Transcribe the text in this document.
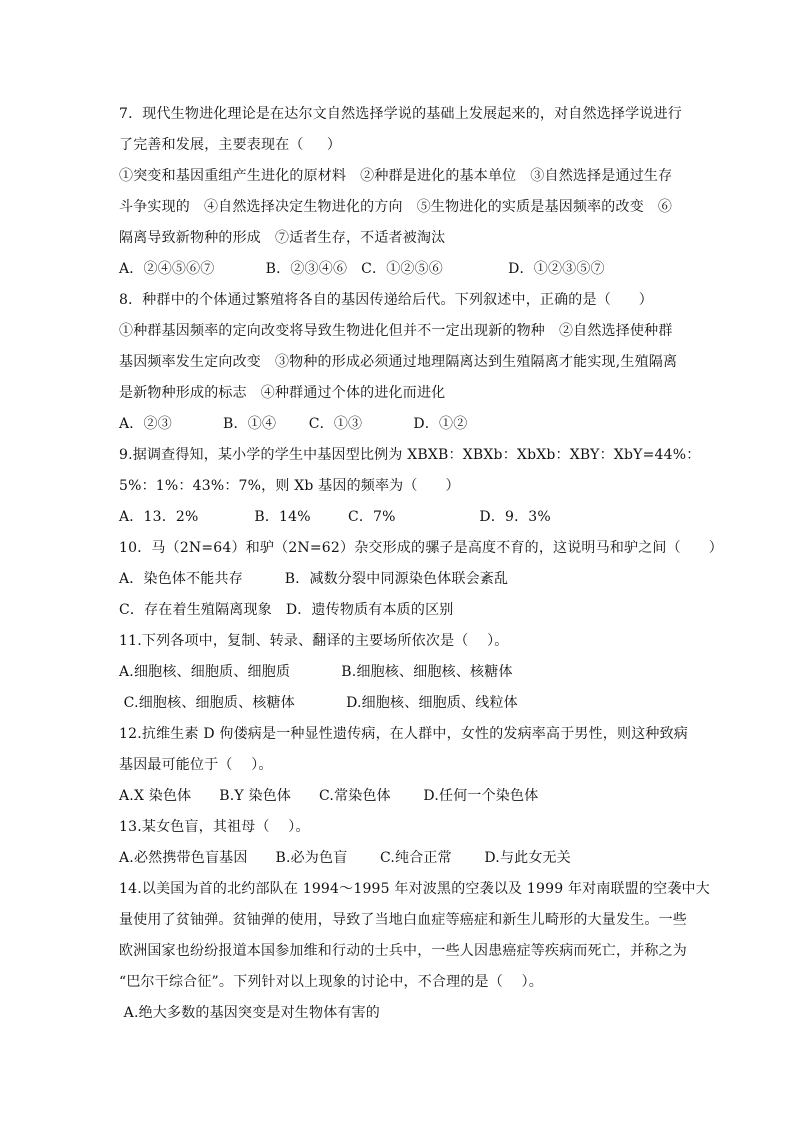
7．现代生物进化理论是在达尔文自然选择学说的基础上发展起来的，对自然选择学说进行
了完善和发展，主要表现在（     ）
①突变和基因重组产生进化的原材料   ②种群是进化的基本单位   ③自然选择是通过生存
斗争实现的   ④自然选择决定生物进化的方向   ⑤生物进化的实质是基因频率的改变   ⑥
隔离导致新物种的形成   ⑦适者生存，不适者被淘汰
A．②④⑤⑥⑦           B．②③④⑥   C．①②⑤⑥              D．①②③⑤⑦
8．种群中的个体通过繁殖将各自的基因传递给后代。下列叙述中，正确的是（      ）
①种群基因频率的定向改变将导致生物进化但并不一定出现新的物种   ②自然选择使种群
基因频率发生定向改变   ③物种的形成必须通过地理隔离达到生殖隔离才能实现,生殖隔离
是新物种形成的标志   ④种群通过个体的进化而进化
A．②③           B．①④       C．①③           D．①②
9.据调查得知，某小学的学生中基因型比例为 XBXB：XBXb：XbXb：XBY：XbY=44%：
5%：1%：43%：7%，则 Xb 基因的频率为（      ）
A．13．2%            B．14%        C．7%                  D．9．3%
10．马（2N=64）和驴（2N=62）杂交形成的骡子是高度不育的，这说明马和驴之间（      ）
A．染色体不能共存         B．减数分裂中同源染色体联会紊乱
C．存在着生殖隔离现象   D．遗传物质有本质的区别
11.下列各项中，复制、转录、翻译的主要场所依次是（    ）。
A.细胞核、细胞质、细胞质           B.细胞核、细胞核、核糖体
C.细胞核、细胞质、核糖体           D.细胞核、细胞质、线粒体
12.抗维生素 D 佝偻病是一种显性遗传病，在人群中，女性的发病率高于男性，则这种致病
基因最可能位于（    ）。
A.X 染色体      B.Y 染色体      C.常染色体       D.任何一个染色体
13.某女色盲，其祖母（    ）。
A.必然携带色盲基因      B.必为色盲       C.纯合正常       D.与此女无关
14.以美国为首的北约部队在 1994～1995 年对波黑的空袭以及 1999 年对南联盟的空袭中大
量使用了贫铀弹。贫铀弹的使用，导致了当地白血症等癌症和新生儿畸形的大量发生。一些
欧洲国家也纷纷报道本国参加维和行动的士兵中，一些人因患癌症等疾病而死亡，并称之为
“巴尔干综合征”。下列针对以上现象的讨论中，不合理的是（    ）。
A.绝大多数的基因突变是对生物体有害的
